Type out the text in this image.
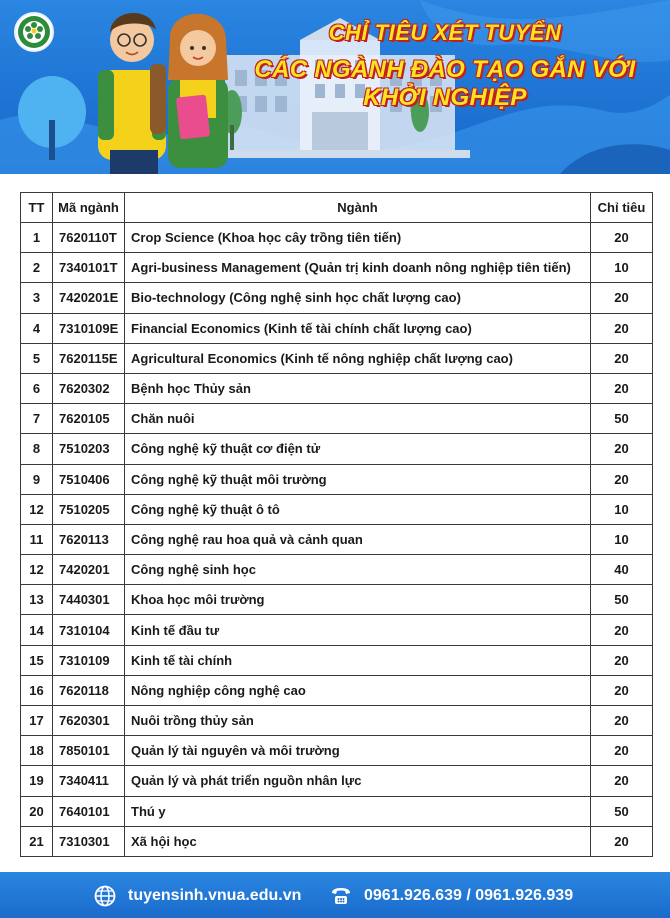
CHỈ TIÊU XÉT TUYỂN
CÁC NGÀNH ĐÀO TẠO GẮN VỚI KHỞI NGHIỆP
TT	Mã ngành	Ngành	Chỉ tiêu
1	7620110T	Crop Science (Khoa học cây trồng tiên tiến)	20
2	7340101T	Agri-business Management (Quản trị kinh doanh nông nghiệp tiên tiến)	10
3	7420201E	Bio-technology (Công nghệ sinh học chất lượng cao)	20
4	7310109E	Financial Economics (Kinh tế tài chính chất lượng cao)	20
5	7620115E	Agricultural Economics (Kinh tế nông nghiệp chất lượng cao)	20
6	7620302	Bệnh học Thủy sản	20
7	7620105	Chăn nuôi	50
8	7510203	Công nghệ kỹ thuật cơ điện tử	20
9	7510406	Công nghệ kỹ thuật môi trường	20
12	7510205	Công nghệ kỹ thuật ô tô	10
11	7620113	Công nghệ rau hoa quả và cảnh quan	10
12	7420201	Công nghệ sinh học	40
13	7440301	Khoa học môi trường	50
14	7310104	Kinh tế đầu tư	20
15	7310109	Kinh tế tài chính	20
16	7620118	Nông nghiệp công nghệ cao	20
17	7620301	Nuôi trồng thủy sản	20
18	7850101	Quản lý tài nguyên và môi trường	20
19	7340411	Quản lý và phát triển nguồn nhân lực	20
20	7640101	Thú y	50
21	7310301	Xã hội học	20
tuyensinh.vnua.edu.vn	0961.926.639 / 0961.926.939
